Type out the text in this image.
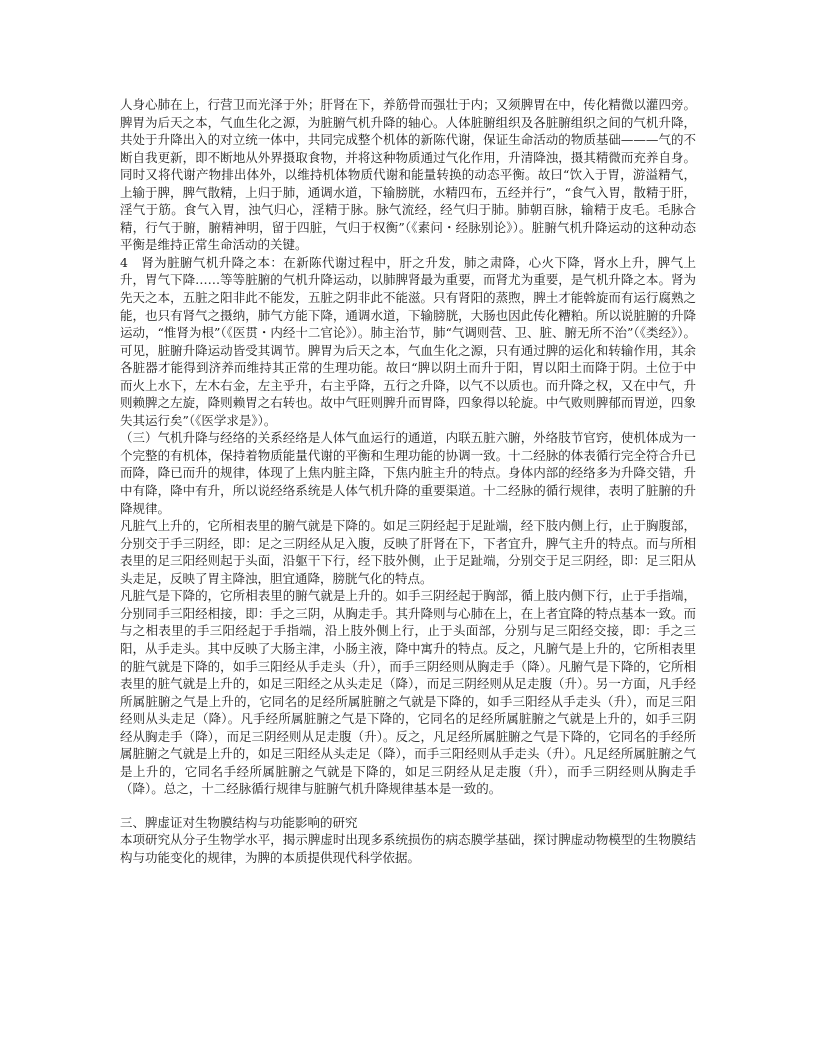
人身心肺在上，行营卫而光泽于外；肝肾在下，养筋骨而强壮于内；又须脾胃在中，传化精微以灌四旁。脾胃为后天之本，气血生化之源，为脏腑气机升降的轴心。人体脏腑组织及各脏腑组织之间的气机升降，共处于升降出入的对立统一体中，共同完成整个机体的新陈代谢，保证生命活动的物质基础———气的不断自我更新，即不断地从外界摄取食物，并将这种物质通过气化作用，升清降浊，摄其精微而充养自身。同时又将代谢产物排出体外，以维持机体物质代谢和能量转换的动态平衡。故曰“饮入于胃，游溢精气，上输于脾，脾气散精，上归于肺，通调水道，下输膀胱，水精四布，五经并行”，“食气入胃，散精于肝，淫气于筋。食气入胃，浊气归心，淫精于脉。脉气流经，经气归于肺。肺朝百脉，输精于皮毛。毛脉合精，行气于腑，腑精神明，留于四脏，气归于权衡”（《素问・经脉别论》）。脏腑气机升降运动的这种动态平衡是维持正常生命活动的关键。

4　肾为脏腑气机升降之本：在新陈代谢过程中，肝之升发，肺之肃降，心火下降，肾水上升，脾气上升，胃气下降……等等脏腑的气机升降运动，以肺脾肾最为重要，而肾尤为重要，是气机升降之本。肾为先天之本，五脏之阳非此不能发，五脏之阴非此不能滋。只有肾阳的蒸煦，脾土才能斡旋而有运行腐熟之能，也只有肾气之摄纳，肺气方能下降，通调水道，下输膀胱，大肠也因此传化糟粕。所以说脏腑的升降运动，“惟肾为根”（《医贯・内经十二官论》）。肺主治节，肺“气调则营、卫、脏、腑无所不治”（《类经》）。可见，脏腑升降运动皆受其调节。脾胃为后天之本，气血生化之源，只有通过脾的运化和转输作用，其余各脏器才能得到济养而维持其正常的生理功能。故曰“脾以阴土而升于阳，胃以阳土而降于阴。土位于中而火上水下，左木右金，左主乎升，右主乎降，五行之升降，以气不以质也。而升降之权，又在中气，升则赖脾之左旋，降则赖胃之右转也。故中气旺则脾升而胃降，四象得以轮旋。中气败则脾郁而胃逆，四象失其运行矣”（《医学求是》）。

（三）气机升降与经络的关系经络是人体气血运行的通道，内联五脏六腑，外络肢节官窍，使机体成为一个完整的有机体，保持着物质能量代谢的平衡和生理功能的协调一致。十二经脉的体表循行完全符合升已而降，降已而升的规律，体现了上焦内脏主降，下焦内脏主升的特点。身体内部的经络多为升降交错，升中有降，降中有升，所以说经络系统是人体气机升降的重要渠道。十二经脉的循行规律，表明了脏腑的升降规律。

凡脏气上升的，它所相表里的腑气就是下降的。如足三阴经起于足趾端，经下肢内侧上行，止于胸腹部，分别交于手三阴经，即：足之三阴经从足入腹，反映了肝肾在下，下者宜升，脾气主升的特点。而与所相表里的足三阳经则起于头面，沿躯干下行，经下肢外侧，止于足趾端，分别交于足三阴经，即：足三阳从头走足，反映了胃主降浊，胆宜通降，膀胱气化的特点。

凡脏气是下降的，它所相表里的腑气就是上升的。如手三阴经起于胸部，循上肢内侧下行，止于手指端，分别同手三阳经相接，即：手之三阴，从胸走手。其升降则与心肺在上，在上者宜降的特点基本一致。而与之相表里的手三阳经起于手指端，沿上肢外侧上行，止于头面部，分别与足三阳经交接，即：手之三阳，从手走头。其中反映了大肠主津，小肠主液，降中寓升的特点。反之，凡腑气是上升的，它所相表里的脏气就是下降的，如手三阳经从手走头（升），而手三阴经则从胸走手（降）。凡腑气是下降的，它所相表里的脏气就是上升的，如足三阳经之从头走足（降），而足三阴经则从足走腹（升）。另一方面，凡手经所属脏腑之气是上升的，它同名的足经所属脏腑之气就是下降的，如手三阳经从手走头（升），而足三阳经则从头走足（降）。凡手经所属脏腑之气是下降的，它同名的足经所属脏腑之气就是上升的，如手三阴经从胸走手（降），而足三阴经则从足走腹（升）。反之，凡足经所属脏腑之气是下降的，它同名的手经所属脏腑之气就是上升的，如足三阳经从头走足（降），而手三阳经则从手走头（升）。凡足经所属脏腑之气是上升的，它同名手经所属脏腑之气就是下降的，如足三阴经从足走腹（升），而手三阴经则从胸走手（降）。总之，十二经脉循行规律与脏腑气机升降规律基本是一致的。

三、脾虚证对生物膜结构与功能影响的研究

本项研究从分子生物学水平，揭示脾虚时出现多系统损伤的病态膜学基础，探讨脾虚动物模型的生物膜结构与功能变化的规律，为脾的本质提供现代科学依据。
